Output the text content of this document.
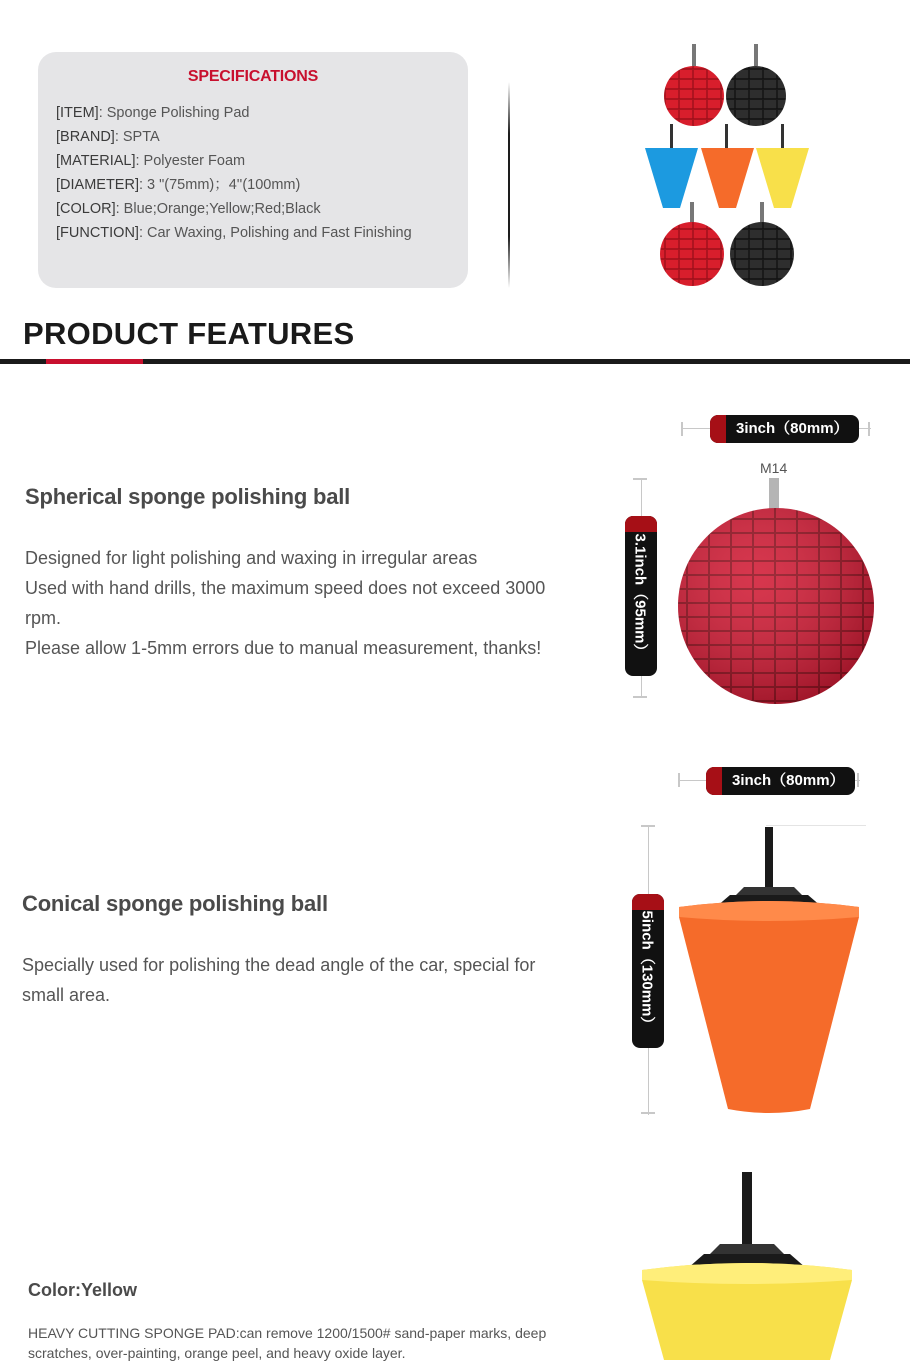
SPECIFICATIONS
[ITEM]: Sponge Polishing Pad
[BRAND]: SPTA
[MATERIAL]: Polyester Foam
[DIAMETER]: 3 "(75mm)；4''(100mm)
[COLOR]: Blue;Orange;Yellow;Red;Black
[FUNCTION]: Car Waxing, Polishing and Fast Finishing
PRODUCT FEATURES
Spherical sponge polishing ball
Designed for light polishing and waxing in irregular areas
Used with hand drills, the maximum speed does not exceed 3000
rpm.
Please allow 1-5mm errors due to manual measurement, thanks!
3inch（80mm）
3.1inch（95mm）
M14
Conical sponge polishing ball
Specially used for polishing the dead angle of the car, special for
small area.
3inch（80mm）
5inch（130mm）
Color:Yellow
HEAVY CUTTING SPONGE PAD:can remove 1200/1500# sand-paper marks, deep
scratches, over-painting, orange peel, and heavy oxide layer.
